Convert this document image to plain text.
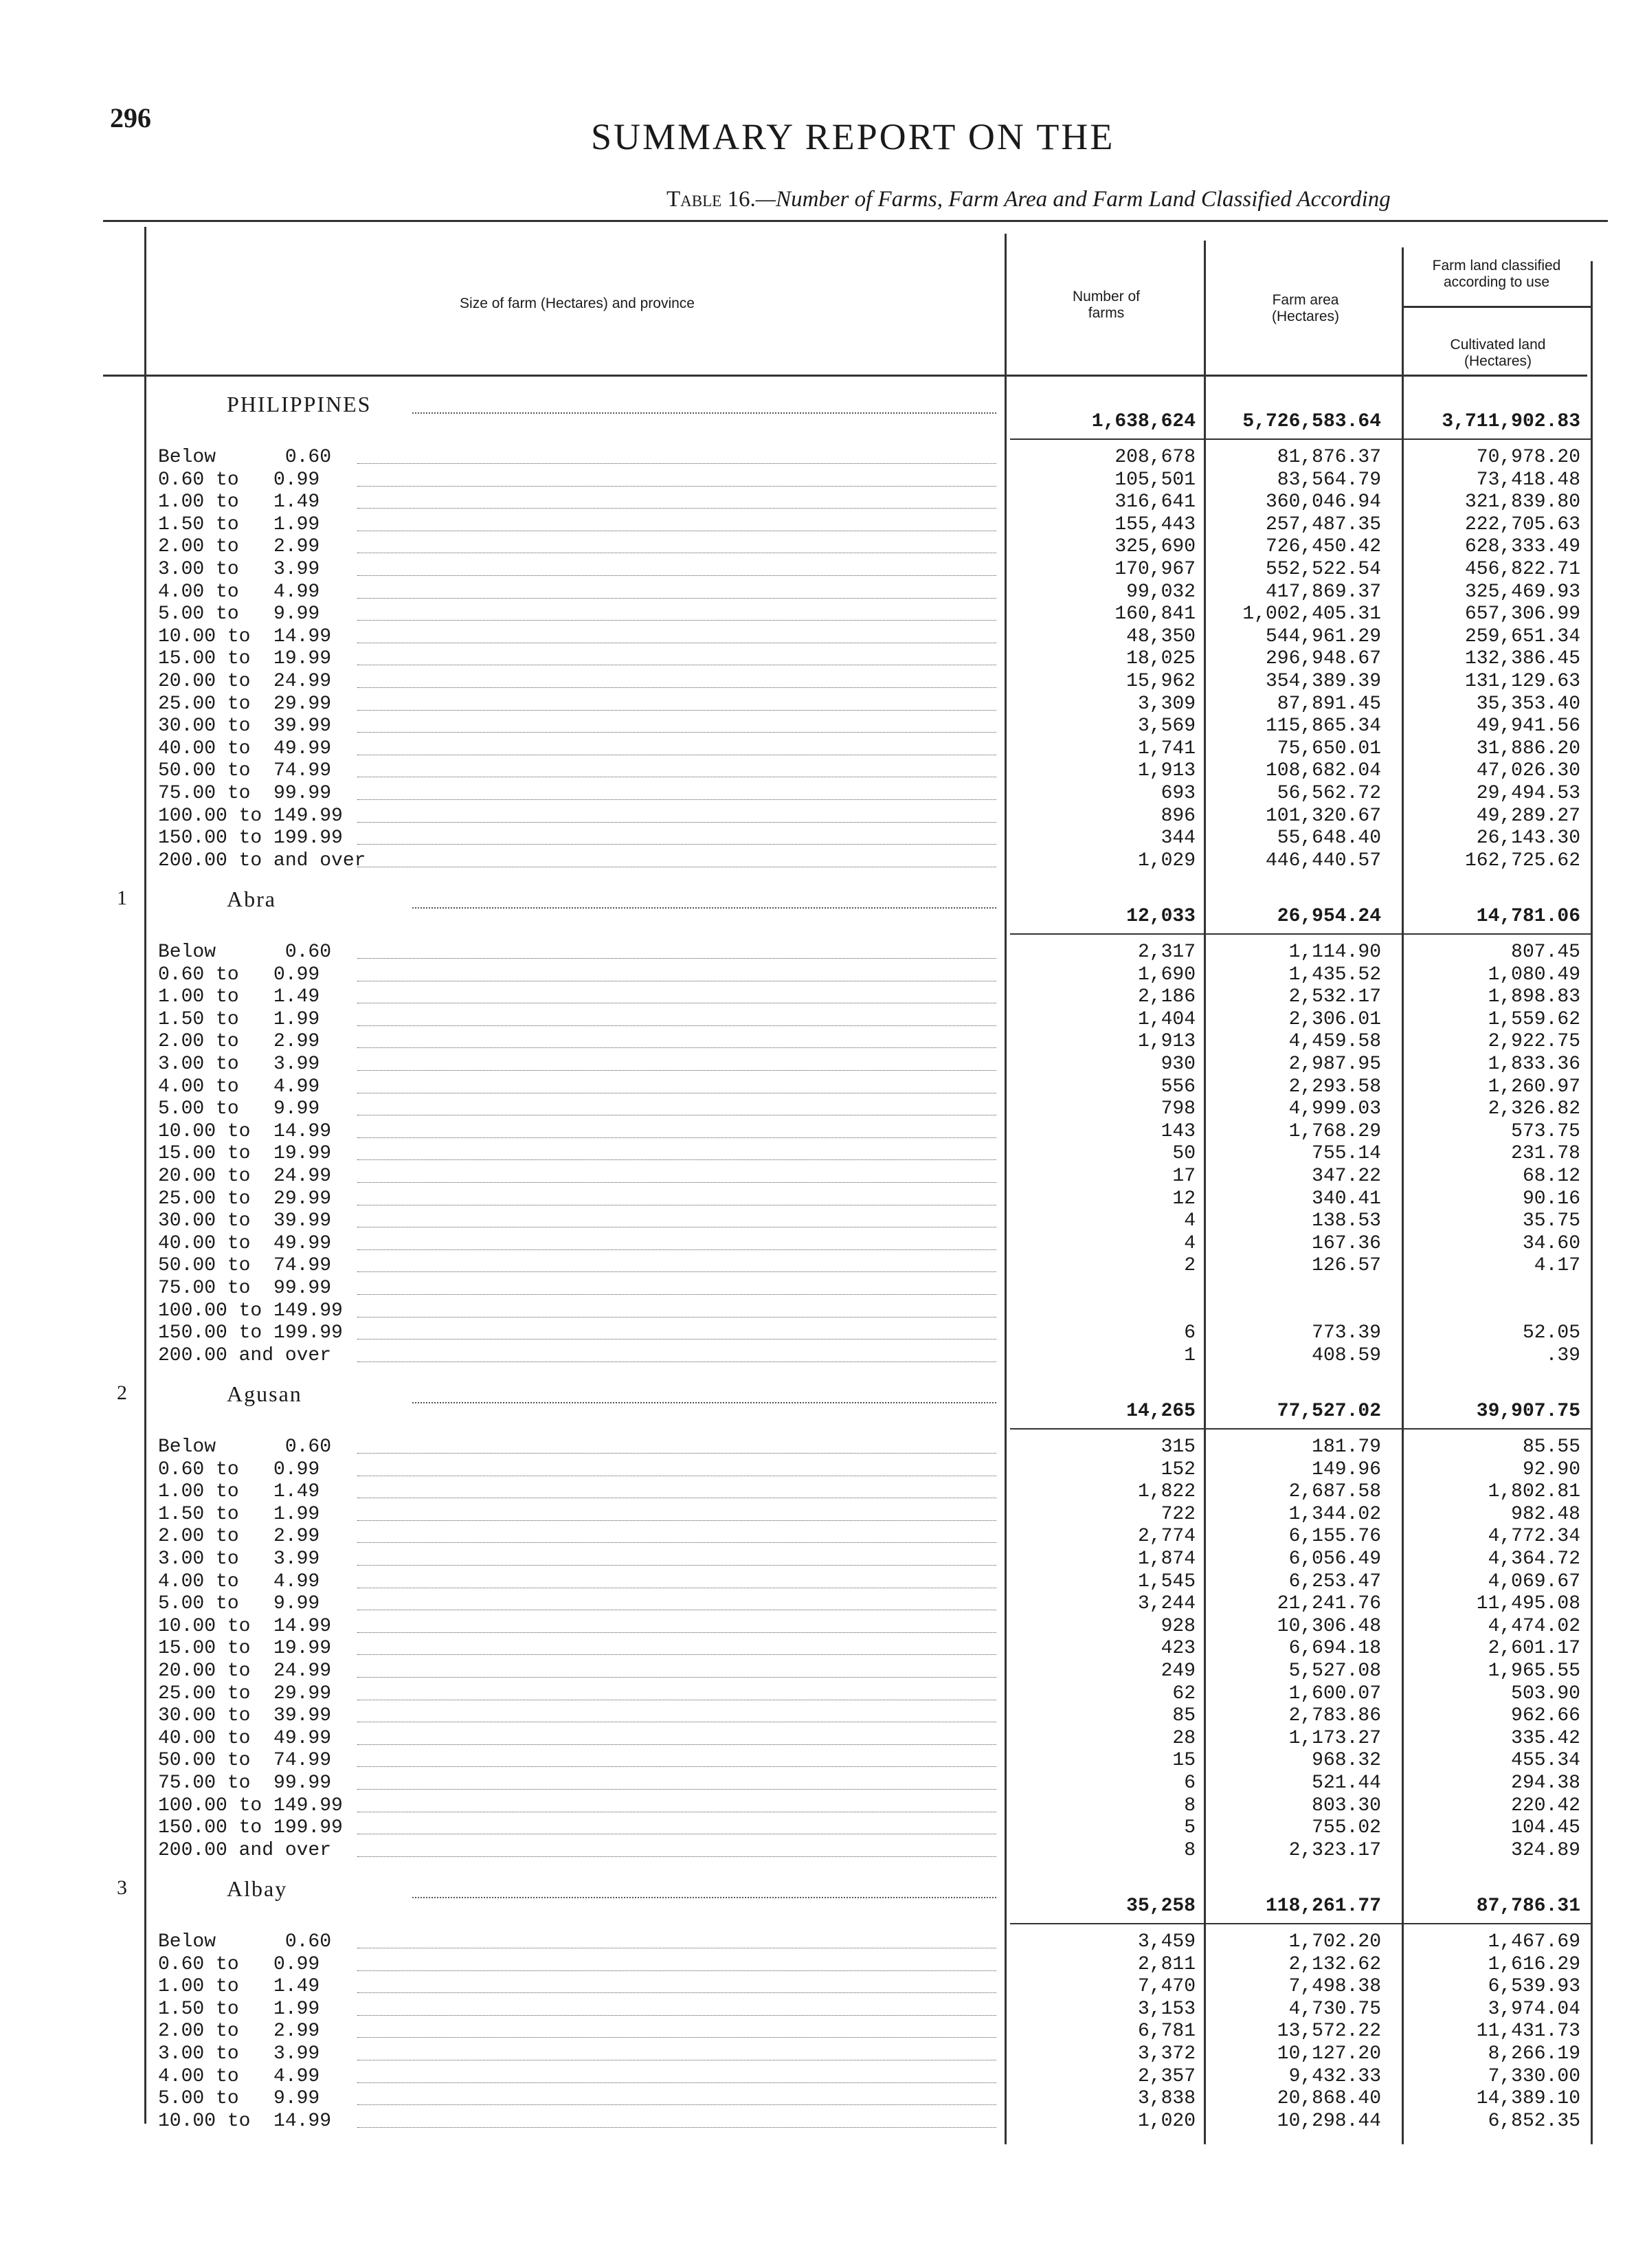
296	SUMMARY REPORT ON THE
Table 16.—Number of Farms, Farm Area and Farm Land Classified According
Size of farm (Hectares) and province	Number of farms
Farm area (Hectares)
Farm land classified according to use
Cultivated land (Hectares)
PHILIPPINES
1,638,624	5,726,583.64	3,711,902.83
Below      0.60	208,678	81,876.37	70,978.20
0.60 to   0.99	105,501	83,564.79	73,418.48
1.00 to   1.49	316,641	360,046.94	321,839.80
1.50 to   1.99	155,443	257,487.35	222,705.63
2.00 to   2.99	325,690	726,450.42	628,333.49
3.00 to   3.99	170,967	552,522.54	456,822.71
4.00 to   4.99	99,032	417,869.37	325,469.93
5.00 to   9.99	160,841	1,002,405.31	657,306.99
10.00 to  14.99	48,350	544,961.29	259,651.34
15.00 to  19.99	18,025	296,948.67	132,386.45
20.00 to  24.99	15,962	354,389.39	131,129.63
25.00 to  29.99	3,309	87,891.45	35,353.40
30.00 to  39.99	3,569	115,865.34	49,941.56
40.00 to  49.99	1,741	75,650.01	31,886.20
50.00 to  74.99	1,913	108,682.04	47,026.30
75.00 to  99.99	693	56,562.72	29,494.53
100.00 to 149.99	896	101,320.67	49,289.27
150.00 to 199.99	344	55,648.40	26,143.30
200.00 to and over	1,029	446,440.57	162,725.62
1	Abra
12,033	26,954.24	14,781.06
Below      0.60	2,317	1,114.90	807.45
0.60 to   0.99	1,690	1,435.52	1,080.49
1.00 to   1.49	2,186	2,532.17	1,898.83
1.50 to   1.99	1,404	2,306.01	1,559.62
2.00 to   2.99	1,913	4,459.58	2,922.75
3.00 to   3.99	930	2,987.95	1,833.36
4.00 to   4.99	556	2,293.58	1,260.97
5.00 to   9.99	798	4,999.03	2,326.82
10.00 to  14.99	143	1,768.29	573.75
15.00 to  19.99	50	755.14	231.78
20.00 to  24.99	17	347.22	68.12
25.00 to  29.99	12	340.41	90.16
30.00 to  39.99	4	138.53	35.75
40.00 to  49.99	4	167.36	34.60
50.00 to  74.99	2	126.57	4.17
75.00 to  99.99
100.00 to 149.99
150.00 to 199.99	6	773.39	52.05
200.00 and over	1	408.59	.39
2	Agusan
14,265	77,527.02	39,907.75
Below      0.60	315	181.79	85.55
0.60 to   0.99	152	149.96	92.90
1.00 to   1.49	1,822	2,687.58	1,802.81
1.50 to   1.99	722	1,344.02	982.48
2.00 to   2.99	2,774	6,155.76	4,772.34
3.00 to   3.99	1,874	6,056.49	4,364.72
4.00 to   4.99	1,545	6,253.47	4,069.67
5.00 to   9.99	3,244	21,241.76	11,495.08
10.00 to  14.99	928	10,306.48	4,474.02
15.00 to  19.99	423	6,694.18	2,601.17
20.00 to  24.99	249	5,527.08	1,965.55
25.00 to  29.99	62	1,600.07	503.90
30.00 to  39.99	85	2,783.86	962.66
40.00 to  49.99	28	1,173.27	335.42
50.00 to  74.99	15	968.32	455.34
75.00 to  99.99	6	521.44	294.38
100.00 to 149.99	8	803.30	220.42
150.00 to 199.99	5	755.02	104.45
200.00 and over	8	2,323.17	324.89
3	Albay
35,258	118,261.77	87,786.31
Below      0.60	3,459	1,702.20	1,467.69
0.60 to   0.99	2,811	2,132.62	1,616.29
1.00 to   1.49	7,470	7,498.38	6,539.93
1.50 to   1.99	3,153	4,730.75	3,974.04
2.00 to   2.99	6,781	13,572.22	11,431.73
3.00 to   3.99	3,372	10,127.20	8,266.19
4.00 to   4.99	2,357	9,432.33	7,330.00
5.00 to   9.99	3,838	20,868.40	14,389.10
10.00 to  14.99	1,020	10,298.44	6,852.35
